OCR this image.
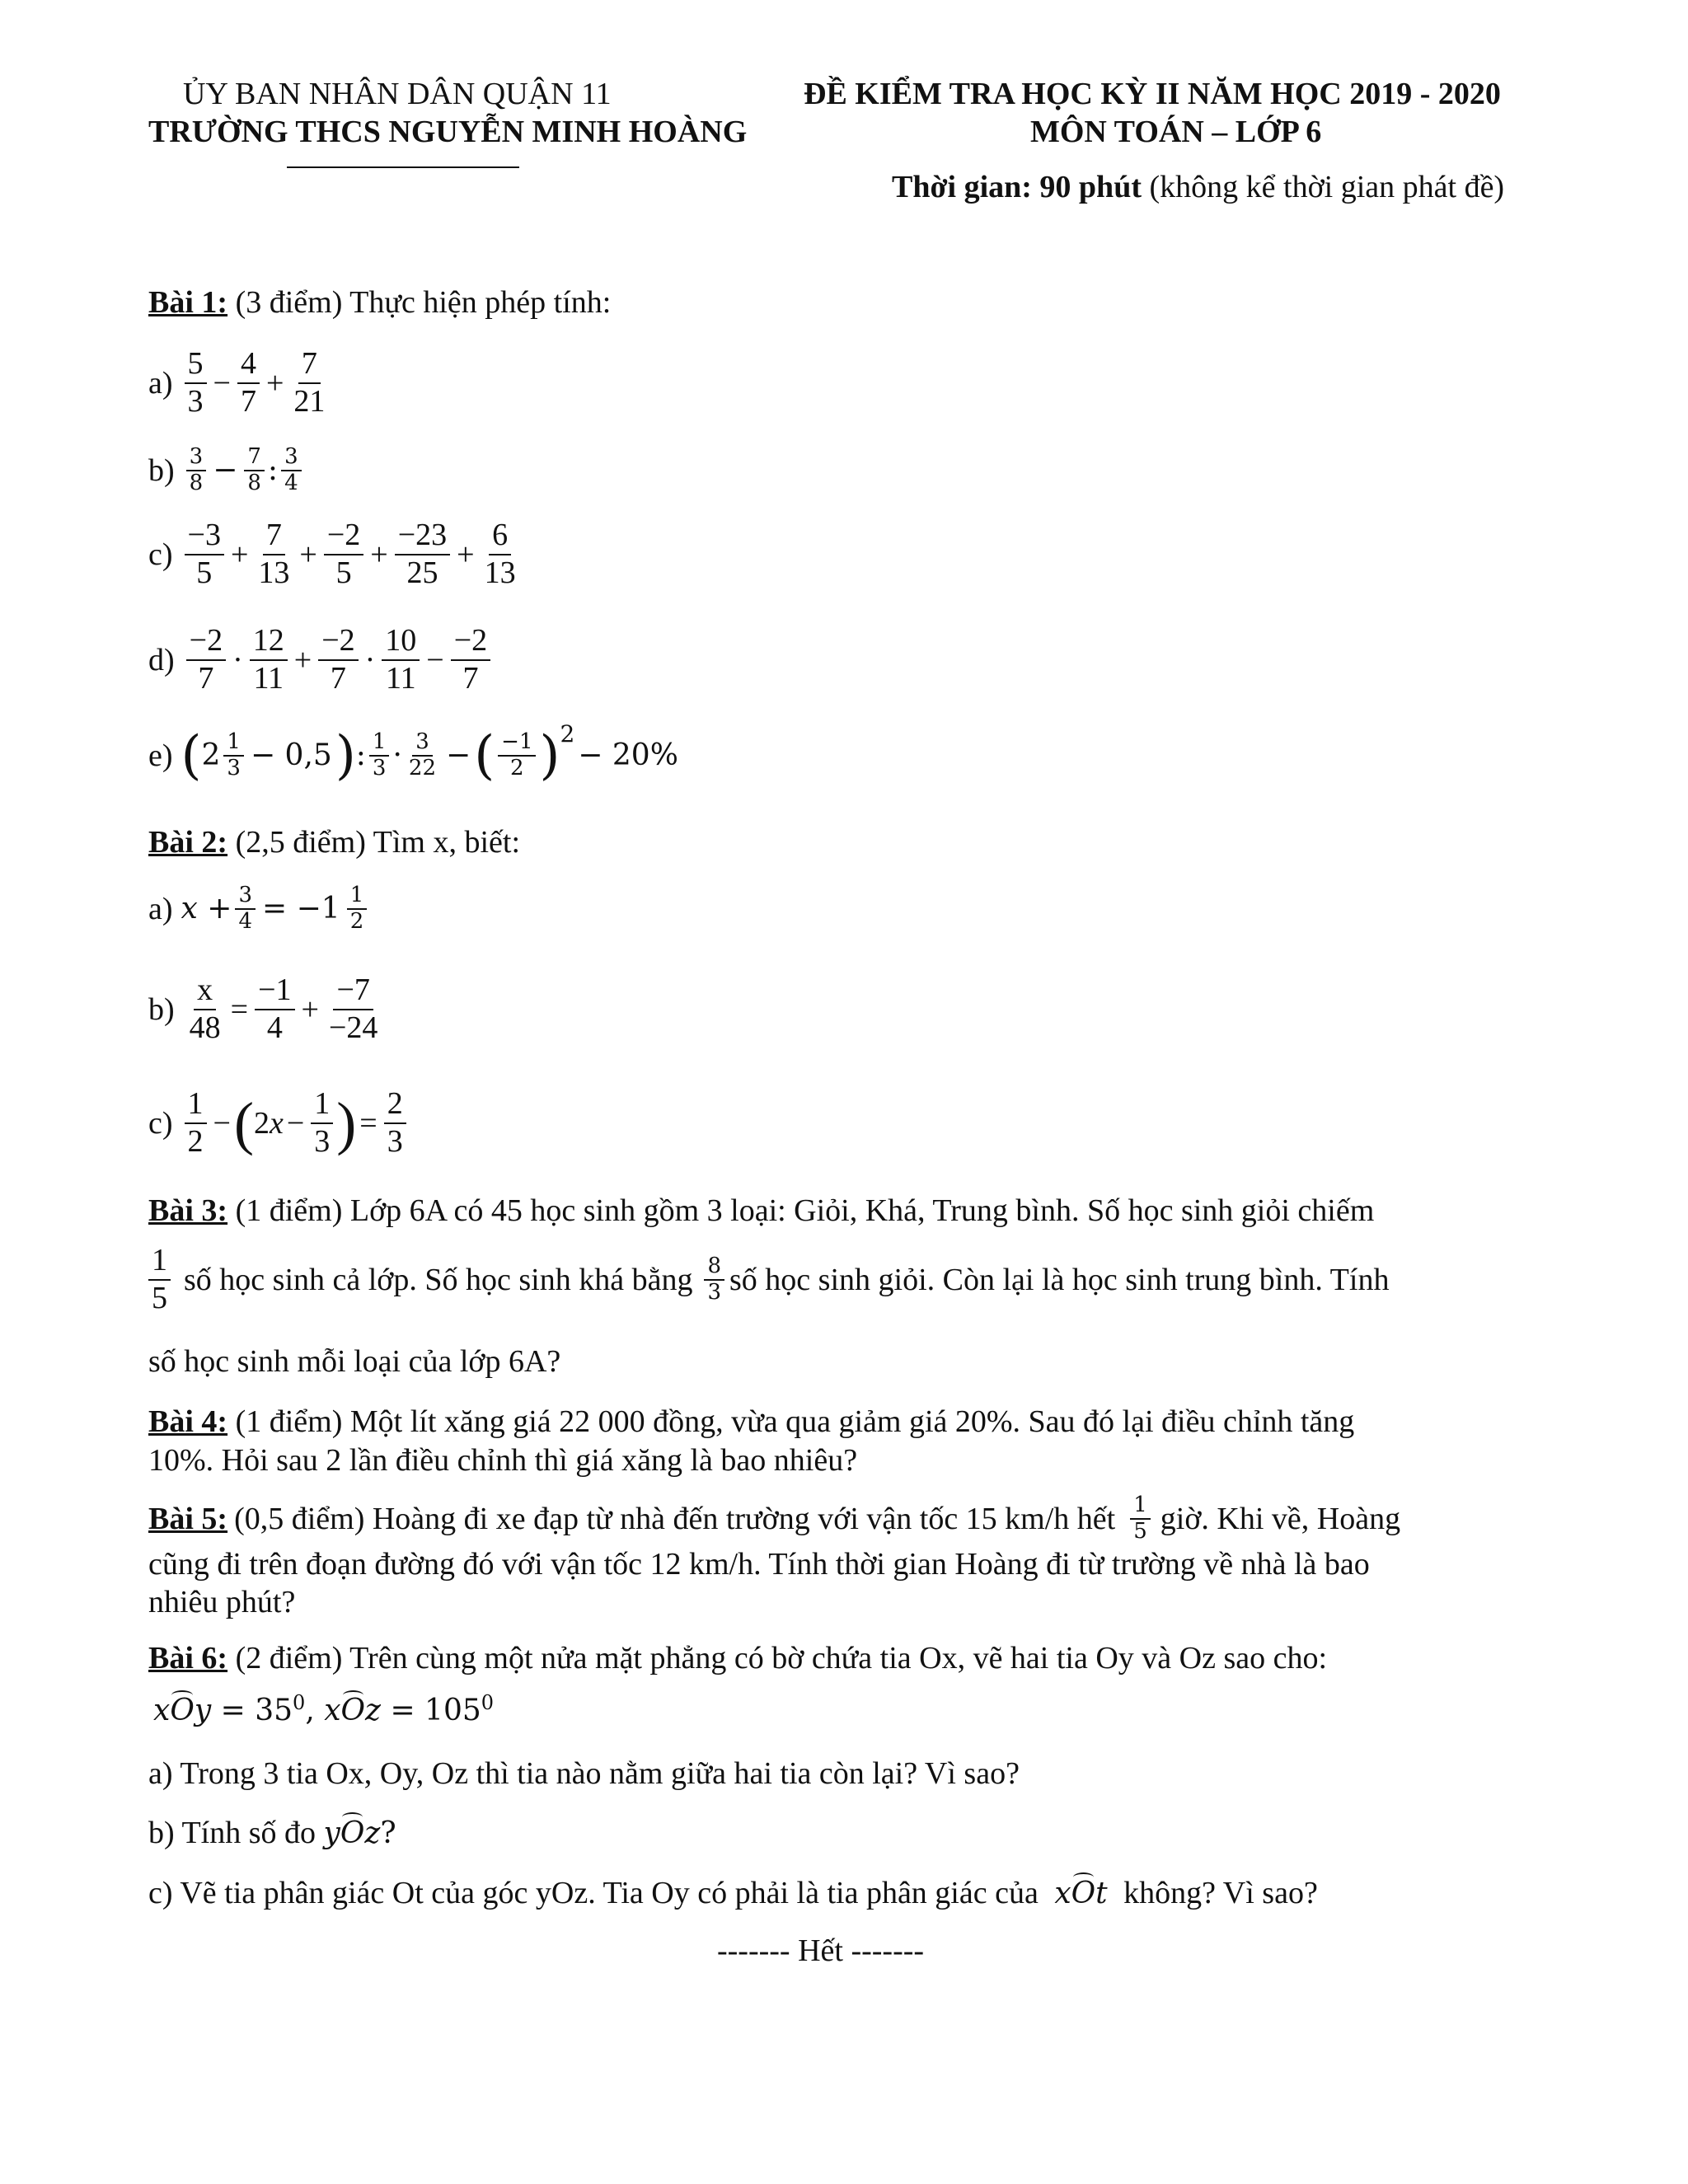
ỦY BAN NHÂN DÂN QUẬN 11
TRƯỜNG THCS NGUYỄN MINH HOÀNG
ĐỀ KIỂM TRA HỌC KỲ II NĂM HỌC 2019 - 2020
MÔN TOÁN – LỚP 6
Thời gian: 90 phút (không kể thời gian phát đề)
Bài 1: (3 điểm) Thực hiện phép tính:
$a) \frac{5}{3} - \frac{4}{7} + \frac{7}{21}$
$b) \frac{3}{8} - \frac{7}{8}$ : $\frac{3}{4}$
$c) \frac{-3}{5} + \frac{7}{13} + \frac{-2}{5} + \frac{-23}{25} + \frac{6}{13}$
$d) \frac{-2}{7} \cdot \frac{12}{11} + \frac{-2}{7} \cdot \frac{10}{11} - \frac{-2}{7}$
e) ( $2 \frac{1}{3} - 0,5$ ) : $\frac{1}{3} \cdot \frac{3}{22}$ − ( $\frac{-1}{2}$ ) 2
− 20%
Bài 2: (2,5 điểm) Tìm x, biết:
a) $x + \frac{3}{4} = -1 \frac{1}{2}$
$b) \frac{x}{48} = \frac{-1}{4} + \frac{-7}{-24}$
$c) \frac{1}{2}$ − ( $2x - \frac{1}{3}$ ) = $\frac{2}{3}$
Bài 3: (1 điểm) Lớp 6A có 45 học sinh gồm 3 loại: Giỏi, Khá, Trung bình. Số học sinh giỏi chiếm
$\frac{1}{5}$ số học sinh cả lớp. Số học sinh khá bằng $\frac{8}{3}$ số học sinh giỏi. Còn lại là học sinh trung bình. Tính
số học sinh mỗi loại của lớp 6A?
Bài 4: (1 điểm) Một lít xăng giá 22 000 đồng, vừa qua giảm giá 20%. Sau đó lại điều chỉnh tăng
10%. Hỏi sau 2 lần điều chỉnh thì giá xăng là bao nhiêu?
Bài 5: (0,5 điểm) Hoàng đi xe đạp từ nhà đến trường với vận tốc 15 km/h hết $\frac{1}{5}$ giờ. Khi về, Hoàng
cũng đi trên đoạn đường đó với vận tốc 12 km/h. Tính thời gian Hoàng đi từ trường về nhà là bao
nhiêu phút?
Bài 6: (2 điểm) Trên cùng một nửa mặt phẳng có bờ chứa tia Ox, vẽ hai tia Oy và Oz sao cho:
xOy = $35^0$, xOz = $105^0$
a) Trong 3 tia Ox, Oy, Oz thì tia nào nằm giữa hai tia còn lại? Vì sao?
b) Tính số đo yOz?
c) Vẽ tia phân giác Ot của góc yOz. Tia Oy có phải là tia phân giác của xOt không? Vì sao?
------- Hết -------
